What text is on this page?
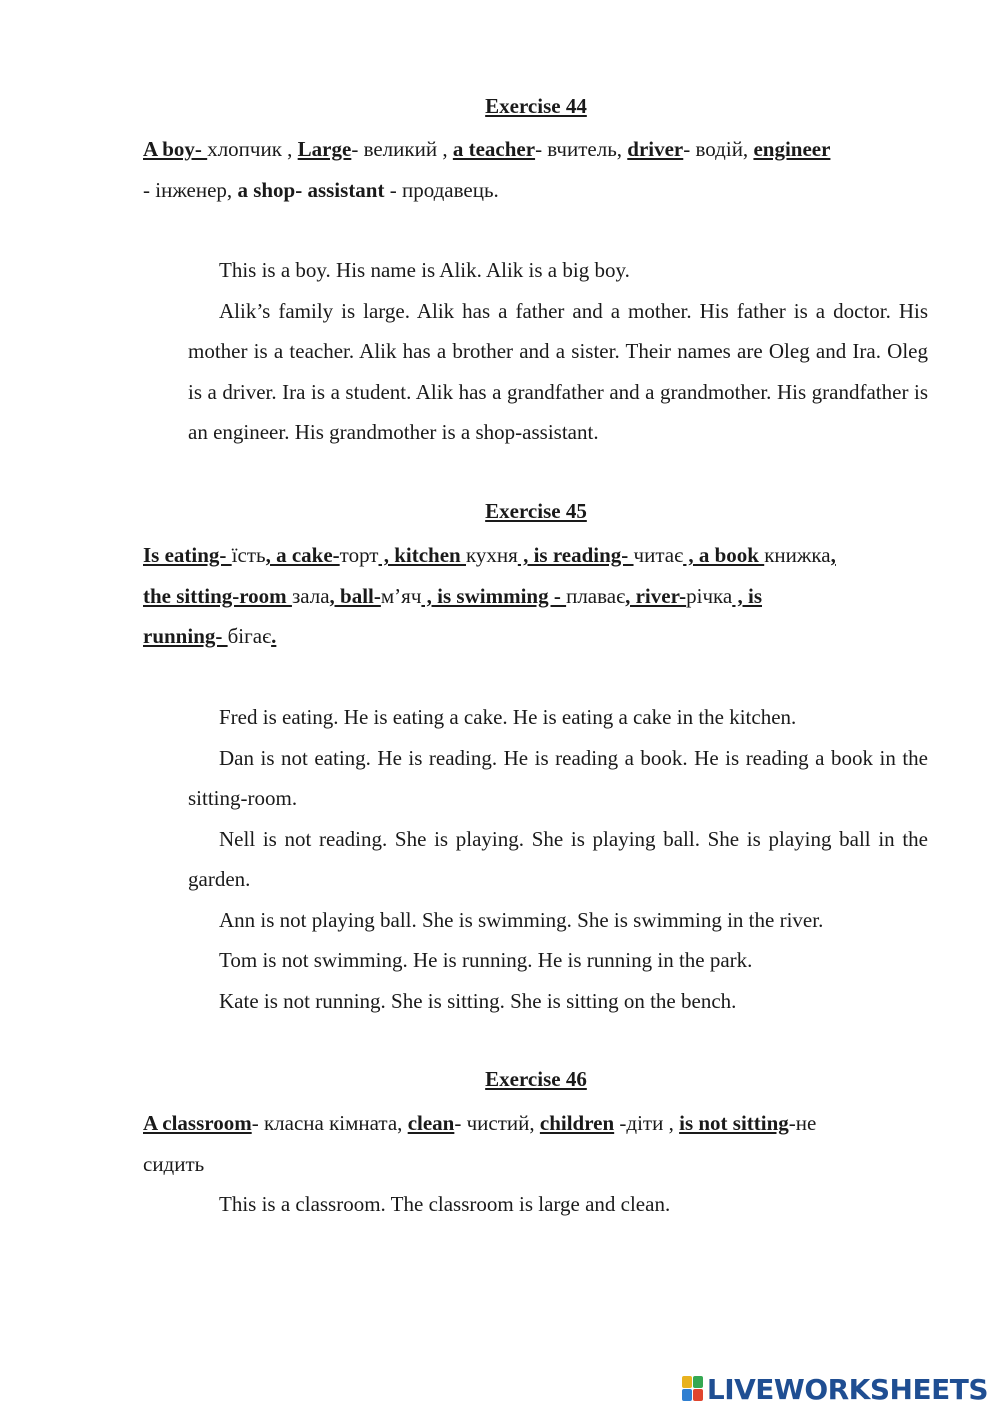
Exercise 44
A boy- хлопчик , Large- великий , a teacher- вчитель, driver- водій, engineer
- інженер, a shop- assistant - продавець.

This is a boy. His name is Alik. Alik is a big boy.

Alik’s family is large. Alik has a father and a mother. His father is a doctor. His mother is a teacher. Alik has a brother and a sister. Their names are Oleg and Ira. Oleg is a driver. Ira is a student. Alik has a grandfather and a grandmother. His grandfather is an engineer. His grandmother is a shop-assistant.

Exercise 45
Is eating- їсть, a cake-торт , kitchen кухня , is reading- читає , a book книжка,
the sitting-room зала, ball-м’яч , is swimming - плаває, river-річка , is
running- бігає.

Fred is eating. He is eating a cake. He is eating a cake in the kitchen.

Dan is not eating. He is reading. He is reading a book. He is reading a book in the sitting-room.

Nell is not reading. She is playing. She is playing ball. She is playing ball in the garden.

Ann is not playing ball. She is swimming. She is swimming in the river.

Tom is not swimming. He is running. He is running in the park.

Kate is not running. She is sitting. She is sitting on the bench.

Exercise 46
A classroom- класна кімната, clean- чистий, children -діти , is not sitting-не
сидить

This is a classroom. The classroom is large and clean.

LIVEWORKSHEETS
